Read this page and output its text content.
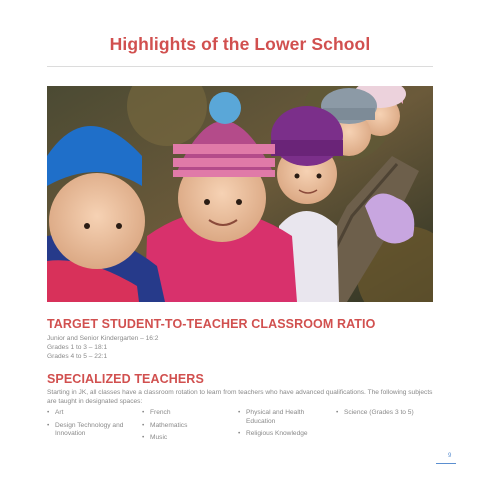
Highlights of the Lower School
TARGET STUDENT-TO-TEACHER CLASSROOM RATIO
Junior and Senior Kindergarten – 16:2
Grades 1 to 3 – 18:1
Grades 4 to 5 – 22:1
SPECIALIZED TEACHERS
Starting in JK, all classes have a classroom rotation to learn from teachers who have advanced qualifications. The following subjects are taught in designated spaces:
• Art
• Design Technology and Innovation
• French
• Mathematics
• Music
• Physical and Health Education
• Religious Knowledge
• Science (Grades 3 to 5)
9
